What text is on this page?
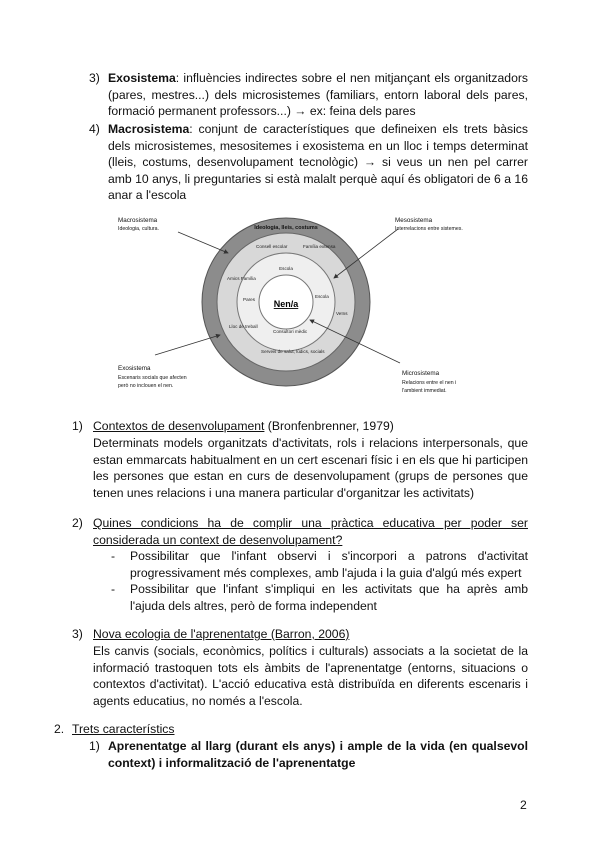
3) Exosistema: influències indirectes sobre el nen mitjançant els organitzadors (pares, mestres...) dels microsistemes (familiars, entorn laboral dels pares, formació permanent professors...) → ex: feina dels pares
4) Macrosistema: conjunt de característiques que defineixen els trets bàsics dels microsistemes, mesositemes i exosistema en un lloc i temps determinat (lleis, costums, desenvolupament tecnològic) → si veus un nen pel carrer amb 10 anys, li preguntaries si està malalt perquè aquí és obligatori de 6 a 16 anar a l'escola
Nen/a
Ideologia, lleis, costums
Consell escolar	Família extensa
Escola
Amics Família
Pares
Escola
Veïns
Lloc de treball
Consultori mèdic
Serveis de salut, lúdics, socials
Macrosistema
Ideologia, cultura.
Mesosistema
Interrelacions entre sistemes.
Exosistema
Escenaris socials que afecten
però no inclouen el nen.
Microsistema
Relacions entre el nen i
l'ambient immediat.
1) Contextos de desenvolupament (Bronfenbrenner, 1979)
Determinats models organitzats d'activitats, rols i relacions interpersonals, que estan emmarcats habitualment en un cert escenari físic i en els que hi participen les persones que estan en curs de desenvolupament (grups de persones que tenen unes relacions i una manera particular d'organitzar les activitats)
2) Quines condicions ha de complir una pràctica educativa per poder ser considerada un context de desenvolupament?
- Possibilitar que l'infant observi i s'incorpori a patrons d'activitat progressivament més complexes, amb l'ajuda i la guia d'algú més expert
- Possibilitar que l'infant s'impliqui en les activitats que ha après amb l'ajuda dels altres, però de forma independent
3) Nova ecologia de l'aprenentatge (Barron, 2006)
Els canvis (socials, econòmics, polítics i culturals) associats a la societat de la informació trastoquen tots els àmbits de l'aprenentatge (entorns, situacions o contextos d'activitat). L'acció educativa està distribuïda en diferents escenaris i agents educatius, no només a l'escola.
2. Trets característics
1) Aprenentatge al llarg (durant els anys) i ample de la vida (en qualsevol context) i informalització de l'aprenentatge
2
